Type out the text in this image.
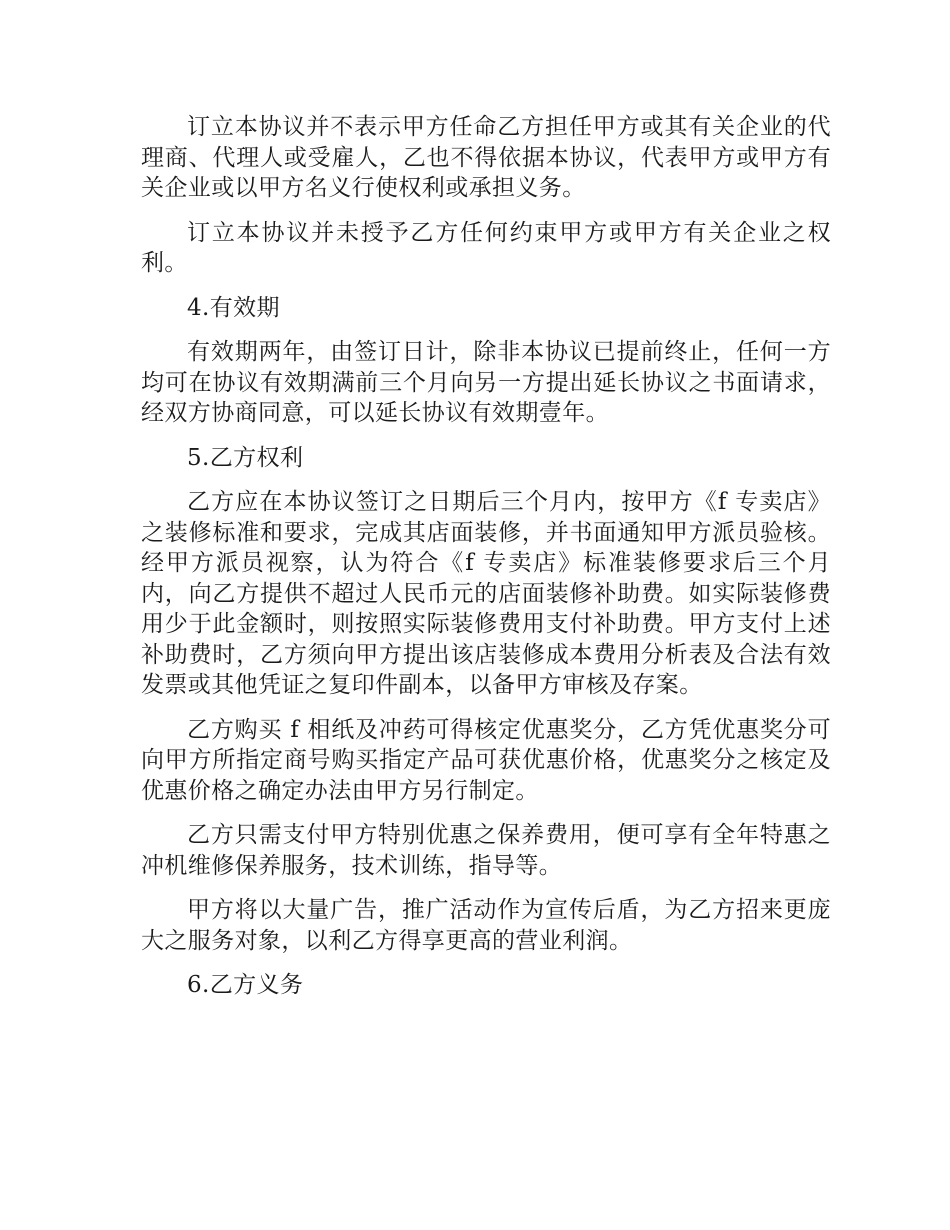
订立本协议并不表示甲方任命乙方担任甲方或其有关企业的代理商、代理人或受雇人，乙也不得依据本协议，代表甲方或甲方有关企业或以甲方名义行使权利或承担义务。

订立本协议并未授予乙方任何约束甲方或甲方有关企业之权利。

4.有效期

有效期两年，由签订日计，除非本协议已提前终止，任何一方均可在协议有效期满前三个月向另一方提出延长协议之书面请求，经双方协商同意，可以延长协议有效期壹年。

5.乙方权利

乙方应在本协议签订之日期后三个月内，按甲方《f 专卖店》之装修标准和要求，完成其店面装修，并书面通知甲方派员验核。经甲方派员视察，认为符合《f 专卖店》标准装修要求后三个月内，向乙方提供不超过人民币元的店面装修补助费。如实际装修费用少于此金额时，则按照实际装修费用支付补助费。甲方支付上述补助费时，乙方须向甲方提出该店装修成本费用分析表及合法有效发票或其他凭证之复印件副本，以备甲方审核及存案。

乙方购买 f 相纸及冲药可得核定优惠奖分，乙方凭优惠奖分可向甲方所指定商号购买指定产品可获优惠价格，优惠奖分之核定及优惠价格之确定办法由甲方另行制定。

乙方只需支付甲方特别优惠之保养费用，便可享有全年特惠之冲机维修保养服务，技术训练，指导等。

甲方将以大量广告，推广活动作为宣传后盾，为乙方招来更庞大之服务对象，以利乙方得享更高的营业利润。

6.乙方义务
